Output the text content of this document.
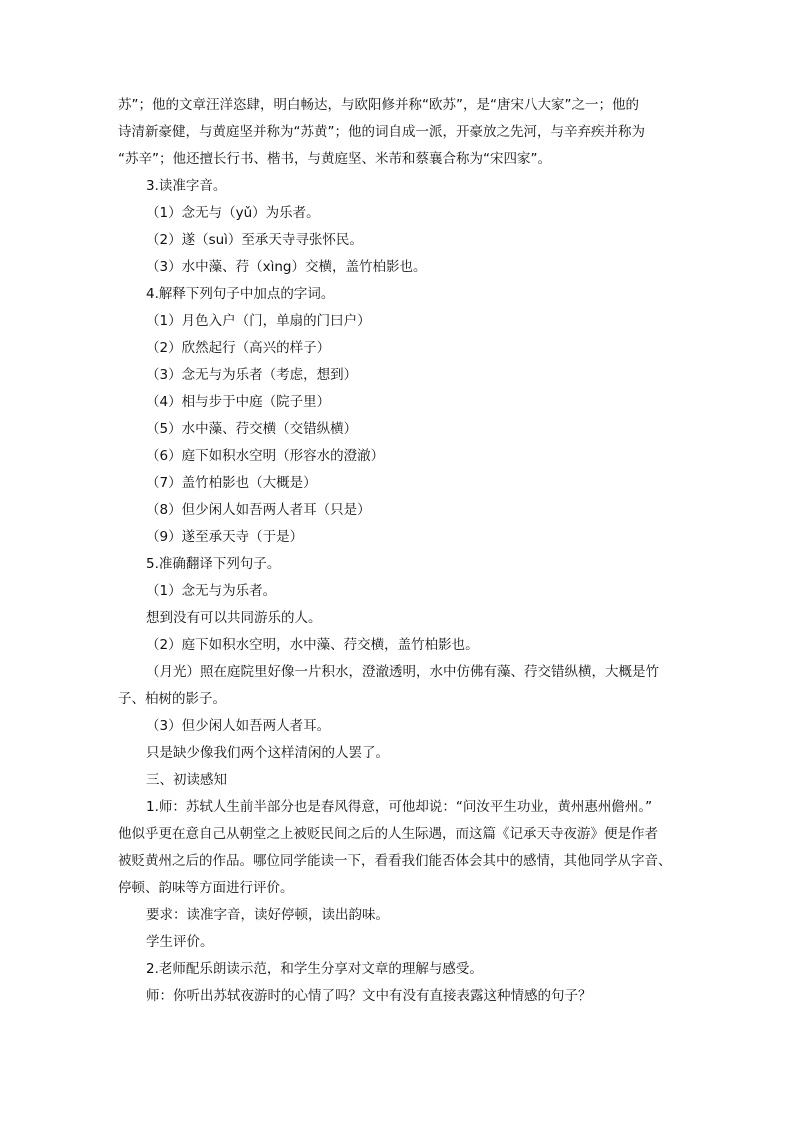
苏”；他的文章汪洋恣肆，明白畅达，与欧阳修并称“欧苏”，是“唐宋八大家”之一；他的
诗清新豪健，与黄庭坚并称为“苏黄”；他的词自成一派，开豪放之先河，与辛弃疾并称为
“苏辛”；他还擅长行书、楷书，与黄庭坚、米芾和蔡襄合称为“宋四家”。
3.读准字音。
（1）念无与（yǔ）为乐者。
（2）遂（suì）至承天寺寻张怀民。
（3）水中藻、荇（xìng）交横，盖竹柏影也。
4.解释下列句子中加点的字词。
（1）月色入户（门，单扇的门曰户）
（2）欣然起行（高兴的样子）
（3）念无与为乐者（考虑，想到）
（4）相与步于中庭（院子里）
（5）水中藻、荇交横（交错纵横）
（6）庭下如积水空明（形容水的澄澈）
（7）盖竹柏影也（大概是）
（8）但少闲人如吾两人者耳（只是）
（9）遂至承天寺（于是）
5.准确翻译下列句子。
（1）念无与为乐者。
想到没有可以共同游乐的人。
（2）庭下如积水空明，水中藻、荇交横，盖竹柏影也。
（月光）照在庭院里好像一片积水，澄澈透明，水中仿佛有藻、荇交错纵横，大概是竹
子、柏树的影子。
（3）但少闲人如吾两人者耳。
只是缺少像我们两个这样清闲的人罢了。
三、初读感知
1.师：苏轼人生前半部分也是春风得意，可他却说：“问汝平生功业，黄州惠州儋州。”
他似乎更在意自己从朝堂之上被贬民间之后的人生际遇，而这篇《记承天寺夜游》便是作者
被贬黄州之后的作品。哪位同学能读一下，看看我们能否体会其中的感情，其他同学从字音、
停顿、韵味等方面进行评价。
要求：读准字音，读好停顿，读出韵味。
学生评价。
2.老师配乐朗读示范，和学生分享对文章的理解与感受。
师：你听出苏轼夜游时的心情了吗？文中有没有直接表露这种情感的句子？
